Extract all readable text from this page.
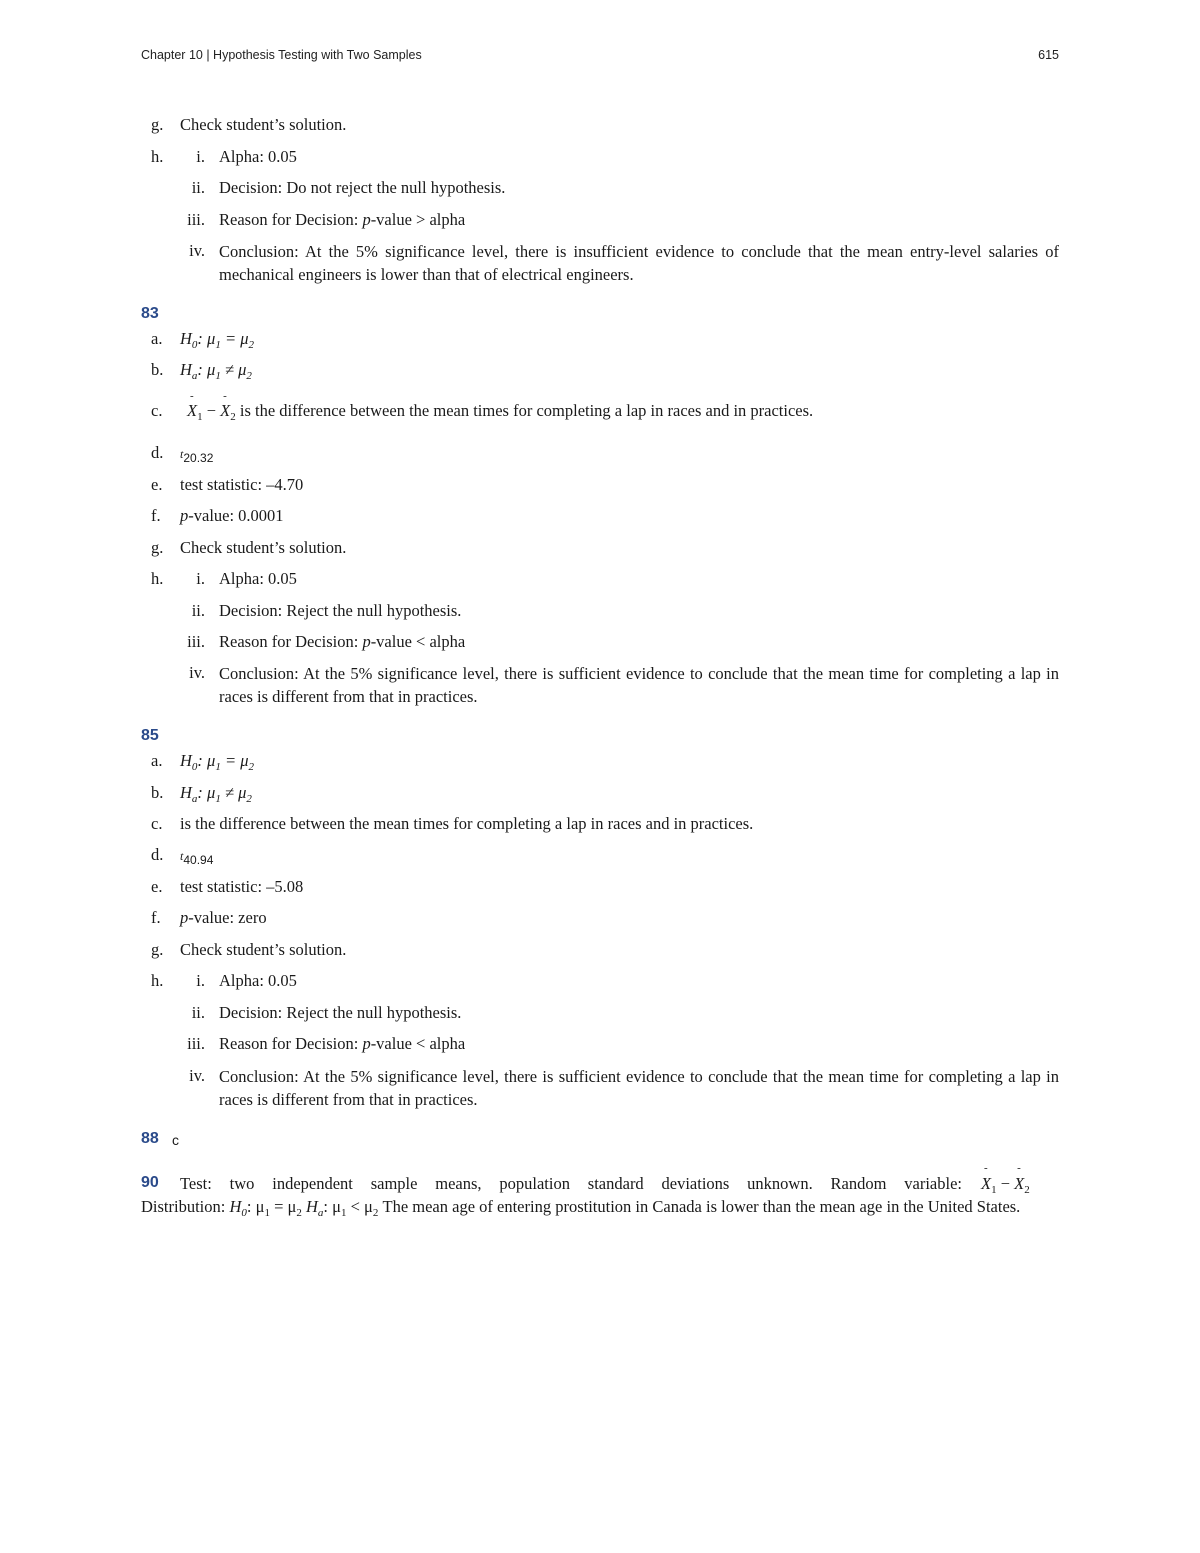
Chapter 10 | Hypothesis Testing with Two Samples	615
g. Check student’s solution.
h.	i. Alpha: 0.05
ii. Decision: Do not reject the null hypothesis.
iii. Reason for Decision: p-value > alpha
iv. Conclusion: At the 5% significance level, there is insufficient evidence to conclude that the mean entry-level salaries of mechanical engineers is lower than that of electrical engineers.
83
a. $H_0$: $\mu_1 = \mu_2$
b. $H_a$: $\mu_1 \ne \mu_2$
c. - $X_1$ − - $X_2$ is the difference between the mean times for completing a lap in races and in practices.
d. $t_{20.32}$
e. test statistic: –4.70
f. p-value: 0.0001
g. Check student’s solution.
h.	i. Alpha: 0.05
ii. Decision: Reject the null hypothesis.
iii. Reason for Decision: p-value < alpha
iv. Conclusion: At the 5% significance level, there is sufficient evidence to conclude that the mean time for completing a lap in races is different from that in practices.
85
a. $H_0$: $\mu_1 = \mu_2$
b. $H_a$: $\mu_1 \ne \mu_2$
c. is the difference between the mean times for completing a lap in races and in practices.
d. $t_{40.94}$
e. test statistic: –5.08
f. p-value: zero
g. Check student’s solution.
h.	i. Alpha: 0.05
ii. Decision: Reject the null hypothesis.
iii. Reason for Decision: p-value < alpha
iv. Conclusion: At the 5% significance level, there is sufficient evidence to conclude that the mean time for completing a lap in races is different from that in practices.
88 c
90 Test: two independent sample means, population standard deviations unknown. Random variable: - $X_1$ − - $X_2$
Distribution: $H_0$: $\mu_1 = \mu_2$ $H_a$: $\mu_1 < \mu_2$ The mean age of entering prostitution in Canada is lower than the mean age in the United States.
